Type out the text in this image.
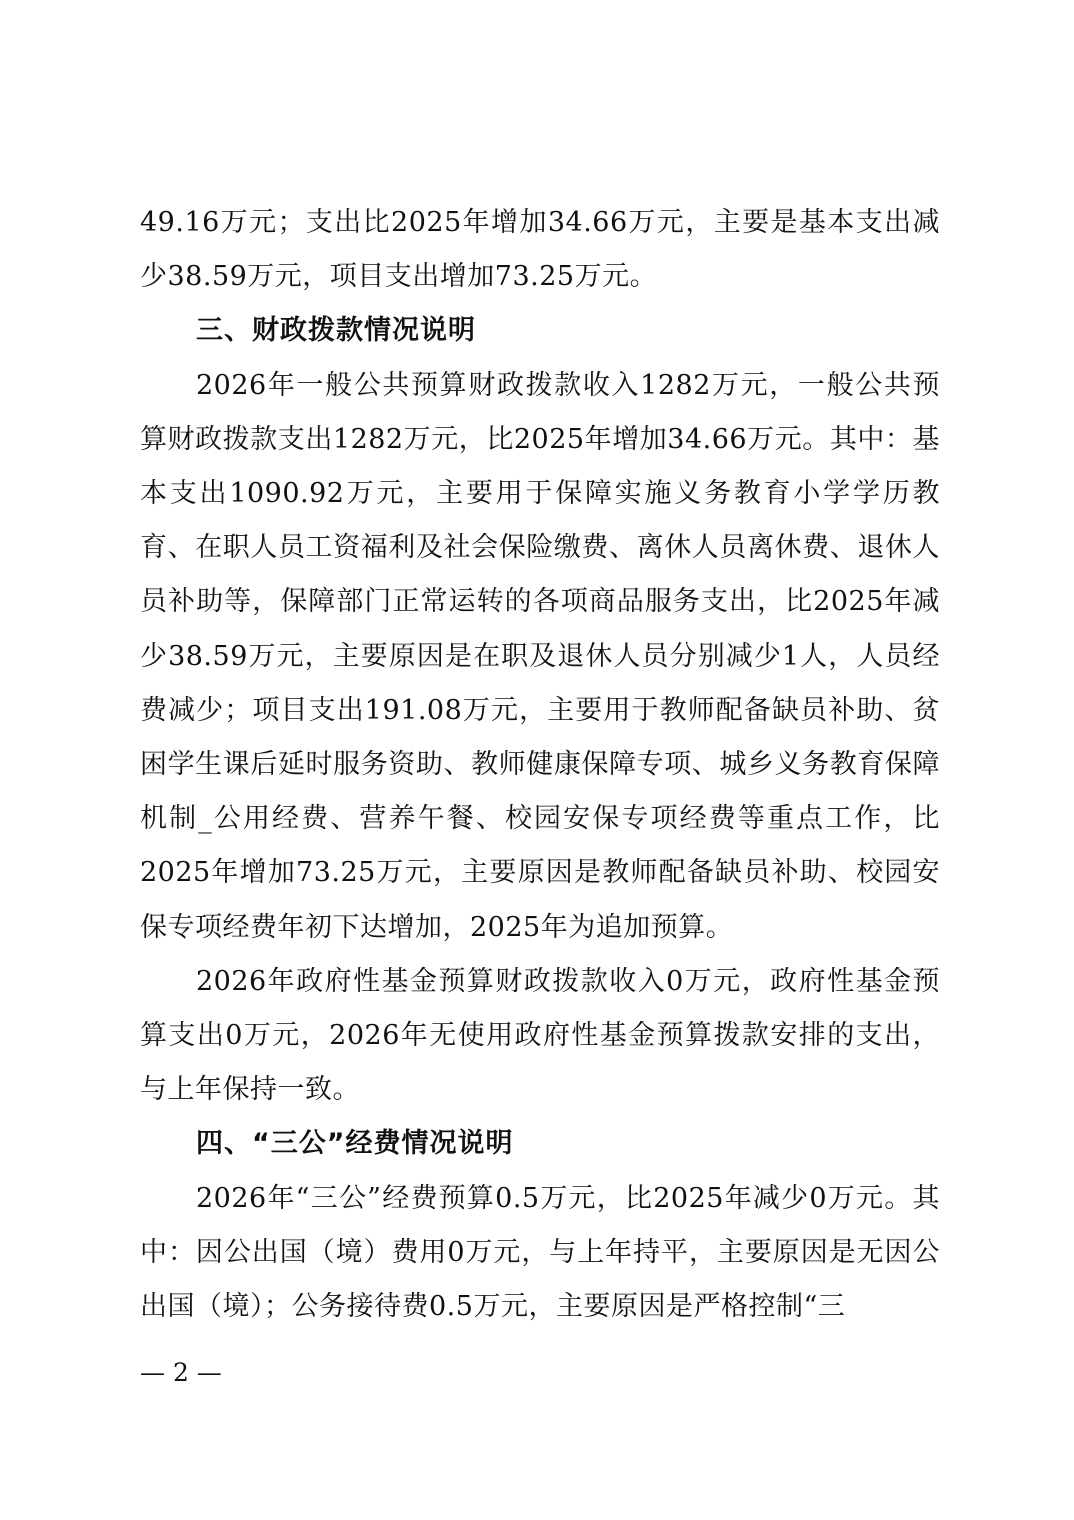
49.16万元；支出比2025年增加34.66万元，主要是基本支出减少38.59万元，项目支出增加73.25万元。

三、财政拨款情况说明

2026年一般公共预算财政拨款收入1282万元，一般公共预算财政拨款支出1282万元，比2025年增加34.66万元。其中：基本支出1090.92万元，主要用于保障实施义务教育小学学历教育、在职人员工资福利及社会保险缴费、离休人员离休费、退休人员补助等，保障部门正常运转的各项商品服务支出，比2025年减少38.59万元，主要原因是在职及退休人员分别减少1人，人员经费减少；项目支出191.08万元，主要用于教师配备缺员补助、贫困学生课后延时服务资助、教师健康保障专项、城乡义务教育保障机制_公用经费、营养午餐、校园安保专项经费等重点工作，比2025年增加73.25万元，主要原因是教师配备缺员补助、校园安保专项经费年初下达增加，2025年为追加预算。

2026年政府性基金预算财政拨款收入0万元，政府性基金预算支出0万元，2026年无使用政府性基金预算拨款安排的支出，与上年保持一致。

四、“三公”经费情况说明

2026年“三公”经费预算0.5万元，比2025年减少0万元。其中：因公出国（境）费用0万元，与上年持平，主要原因是无因公出国（境）；公务接待费0.5万元，主要原因是严格控制“三

— 2 —
